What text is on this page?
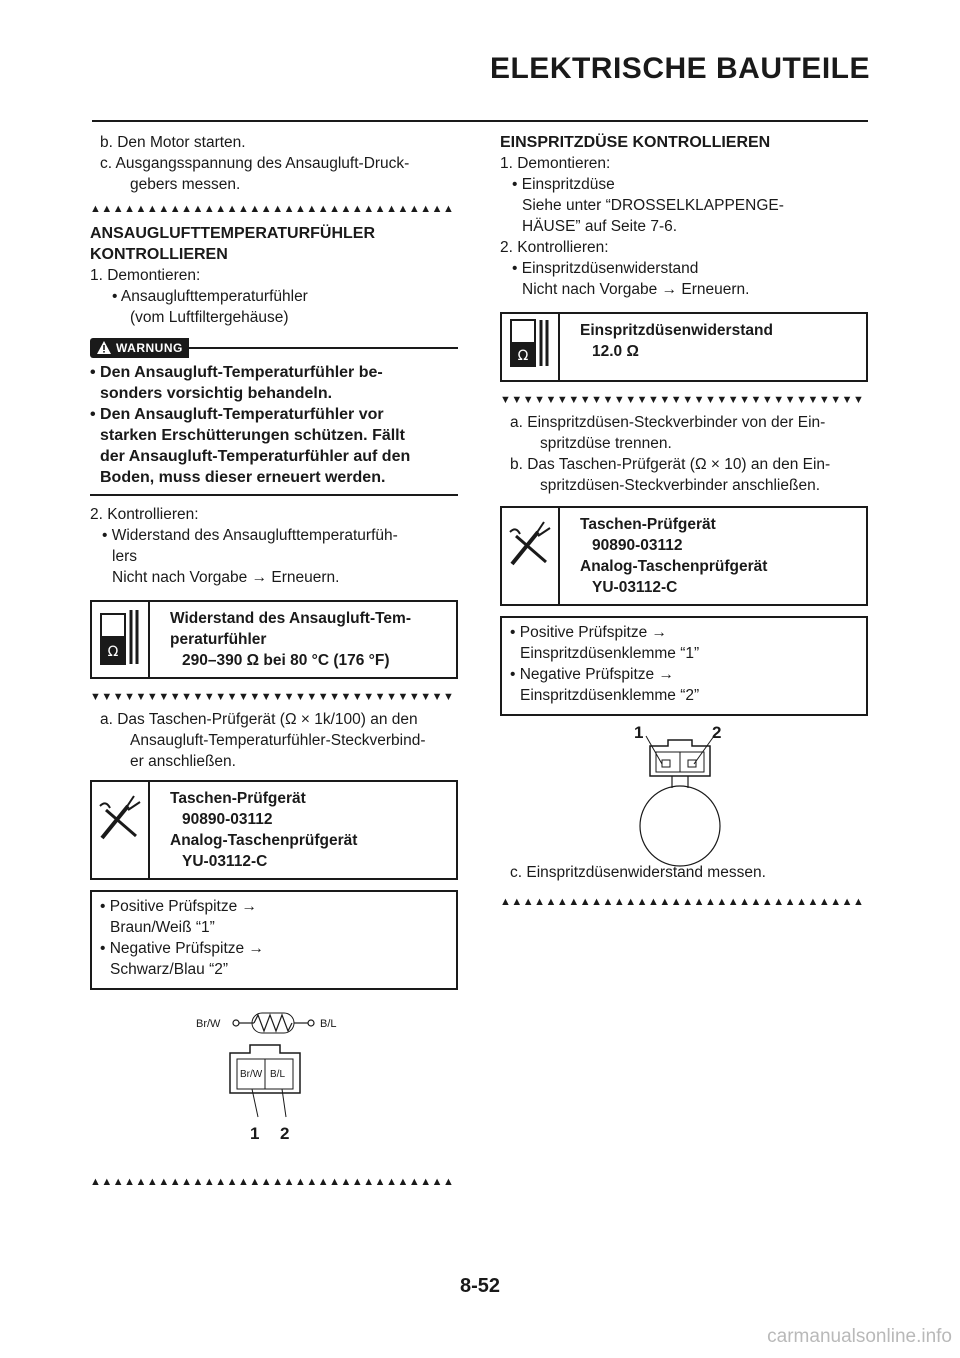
ELEKTRISCHE BAUTEILE
b. Den Motor starten.
c. Ausgangsspannung des Ansaugluft-Druck-
gebers messen.
▲▲▲▲▲▲▲▲▲▲▲▲▲▲▲▲▲▲▲▲▲▲▲▲▲▲▲▲▲▲▲▲
ANSAUGLUFTTEMPERATURFÜHLER
KONTROLLIEREN
1. Demontieren:
• Ansauglufttemperaturfühler
(vom Luftfiltergehäuse)
WARNUNG
• Den Ansaugluft-Temperaturfühler be-
sonders vorsichtig behandeln.
• Den Ansaugluft-Temperaturfühler vor
starken Erschütterungen schützen. Fällt
der Ansaugluft-Temperaturfühler auf den
Boden, muss dieser erneuert werden.
2. Kontrollieren:
• Widerstand des Ansauglufttemperaturfüh-
lers
Nicht nach Vorgabe → Erneuern.
Ω
Widerstand des Ansaugluft-Tem-
peraturfühler
290–390 Ω bei 80 °C (176 °F)
▼▼▼▼▼▼▼▼▼▼▼▼▼▼▼▼▼▼▼▼▼▼▼▼▼▼▼▼▼▼▼▼
a. Das Taschen-Prüfgerät (Ω × 1k/100) an den
Ansaugluft-Temperaturfühler-Steckverbind-
er anschließen.
Taschen-Prüfgerät
90890-03112
Analog-Taschenprüfgerät
YU-03112-C
• Positive Prüfspitze →
Braun/Weiß “1”
• Negative Prüfspitze →
Schwarz/Blau “2”
Br/W	B/L
Br/W B/L
1 2
▲▲▲▲▲▲▲▲▲▲▲▲▲▲▲▲▲▲▲▲▲▲▲▲▲▲▲▲▲▲▲▲
EINSPRITZDÜSE KONTROLLIEREN
1. Demontieren:
• Einspritzdüse
Siehe unter “DROSSELKLAPPENGE-
HÄUSE” auf Seite 7-6.
2. Kontrollieren:
• Einspritzdüsenwiderstand
Nicht nach Vorgabe → Erneuern.
Ω
Einspritzdüsenwiderstand
12.0 Ω
▼▼▼▼▼▼▼▼▼▼▼▼▼▼▼▼▼▼▼▼▼▼▼▼▼▼▼▼▼▼▼▼
a. Einspritzdüsen-Steckverbinder von der Ein-
spritzdüse trennen.
b. Das Taschen-Prüfgerät (Ω × 10) an den Ein-
spritzdüsen-Steckverbinder anschließen.
Taschen-Prüfgerät
90890-03112
Analog-Taschenprüfgerät
YU-03112-C
• Positive Prüfspitze →
Einspritzdüsenklemme “1”
• Negative Prüfspitze →
Einspritzdüsenklemme “2”
1	2
c. Einspritzdüsenwiderstand messen.
▲▲▲▲▲▲▲▲▲▲▲▲▲▲▲▲▲▲▲▲▲▲▲▲▲▲▲▲▲▲▲▲
8-52
carmanualsonline.info
